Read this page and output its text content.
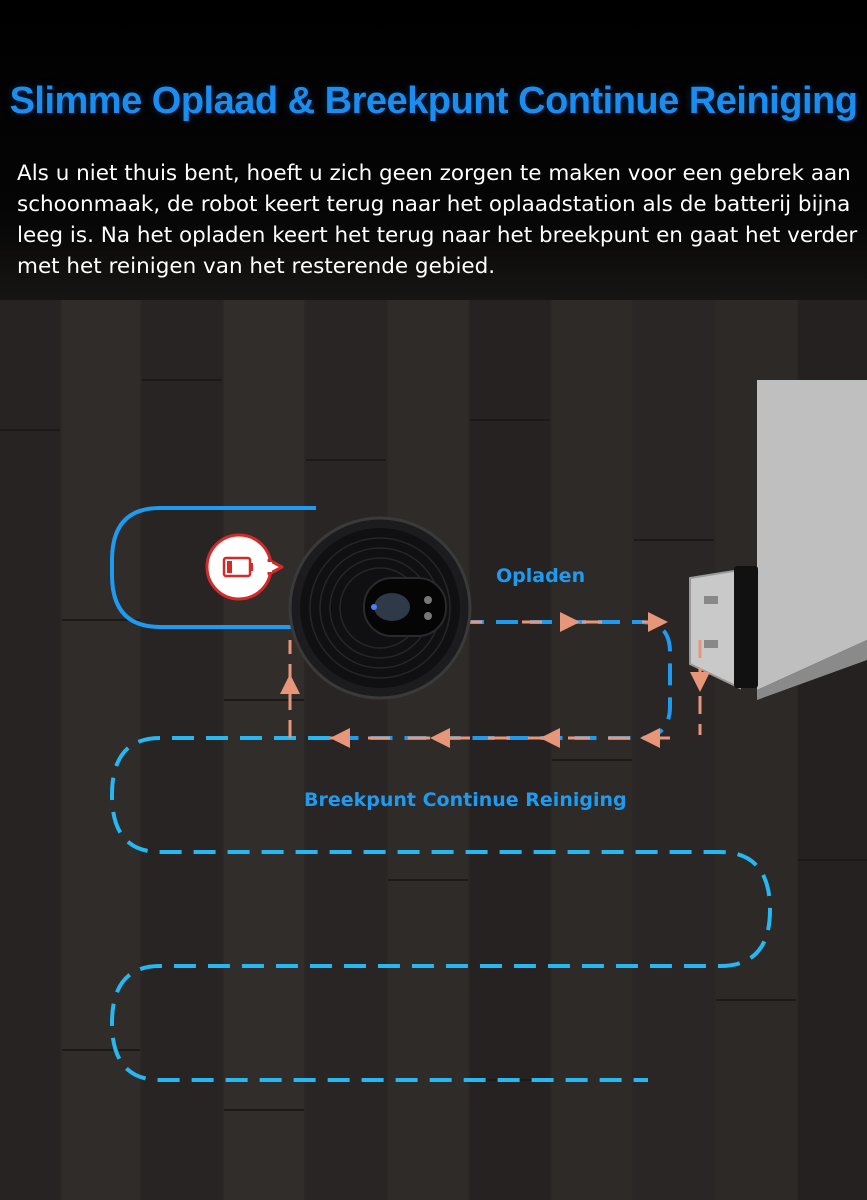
Slimme Oplaad & Breekpunt Continue Reiniging

Als u niet thuis bent, hoeft u zich geen zorgen te maken voor een gebrek aan schoonmaak, de robot keert terug naar het oplaadstation als de batterij bijna leeg is. Na het opladen keert het terug naar het breekpunt en gaat het verder met het reinigen van het resterende gebied.

Opladen
Breekpunt Continue Reiniging
